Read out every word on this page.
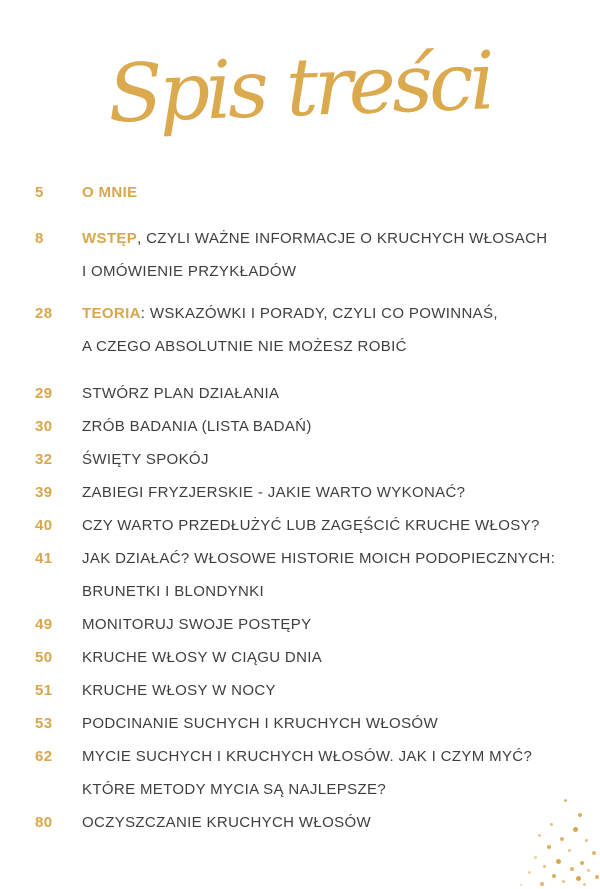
Spis treści
5	O MNIE
8	WSTĘP, CZYLI WAŻNE INFORMACJE O KRUCHYCH WŁOSACH
I OMÓWIENIE PRZYKŁADÓW
28	TEORIA: WSKAZÓWKI I PORADY, CZYLI CO POWINNAŚ,
A CZEGO ABSOLUTNIE NIE MOŻESZ ROBIĆ
29	STWÓRZ PLAN DZIAŁANIA
30	ZRÓB BADANIA (LISTA BADAŃ)
32	ŚWIĘTY SPOKÓJ
39	ZABIEGI FRYZJERSKIE - JAKIE WARTO WYKONAĆ?
40	CZY WARTO PRZEDŁUŻYĆ LUB ZAGĘŚCIĆ KRUCHE WŁOSY?
41	JAK DZIAŁAĆ? WŁOSOWE HISTORIE MOICH PODOPIECZNYCH:
BRUNETKI I BLONDYNKI
49	MONITORUJ SWOJE POSTĘPY
50	KRUCHE WŁOSY W CIĄGU DNIA
51	KRUCHE WŁOSY W NOCY
53	PODCINANIE SUCHYCH I KRUCHYCH WŁOSÓW
62	MYCIE SUCHYCH I KRUCHYCH WŁOSÓW. JAK I CZYM MYĆ?
KTÓRE METODY MYCIA SĄ NAJLEPSZE?
80	OCZYSZCZANIE KRUCHYCH WŁOSÓW
